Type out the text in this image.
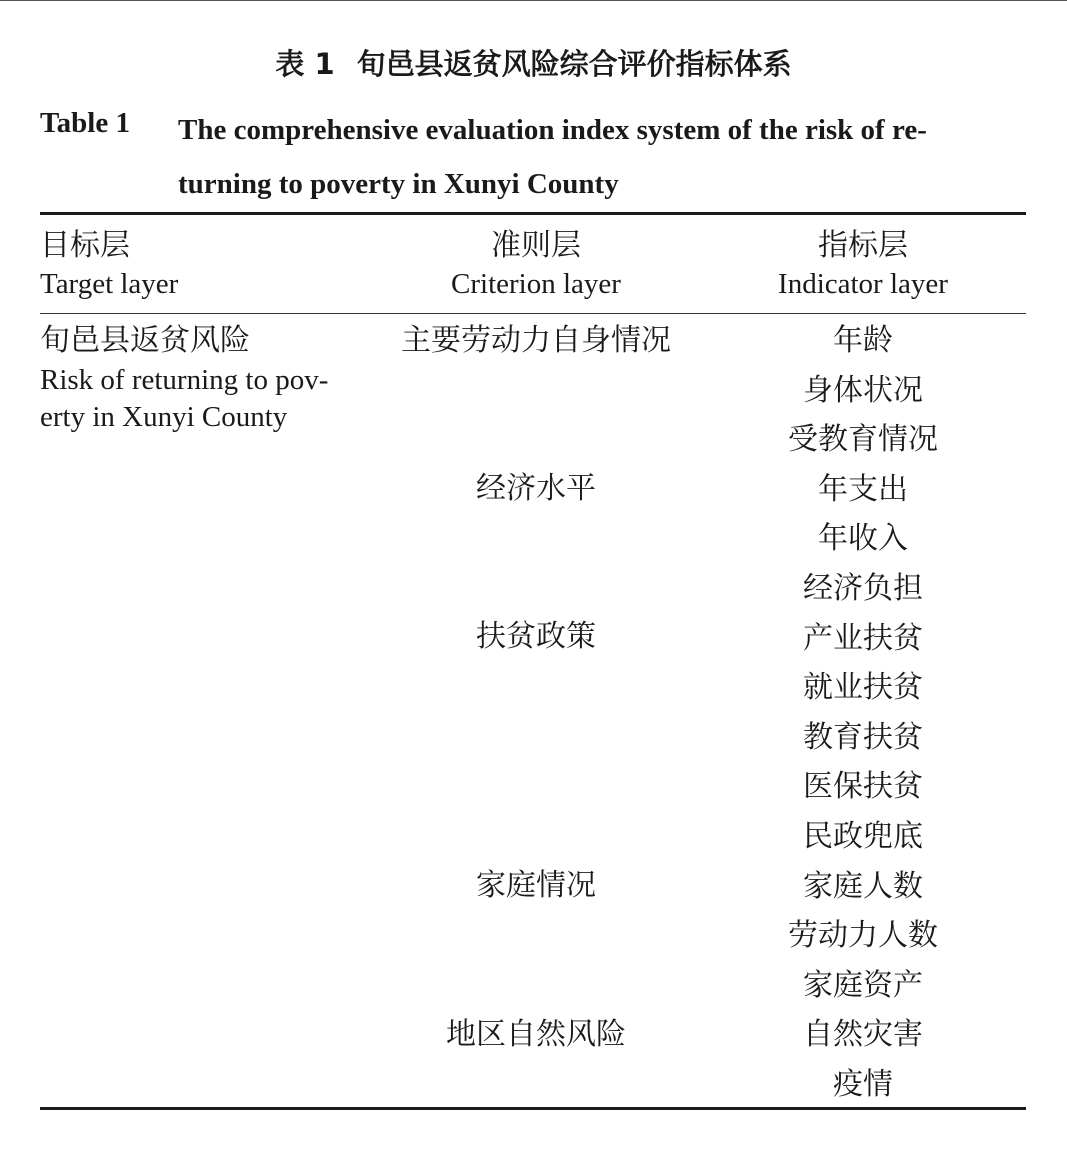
表 1 旬邑县返贫风险综合评价指标体系
Table 1 The comprehensive evaluation index system of the risk of re-
turning to poverty in Xunyi County
目标层
Target layer
准则层
Criterion layer
指标层
Indicator layer
旬邑县返贫风险
Risk of returning to pov-
erty in Xunyi County
主要劳动力自身情况
经济水平
扶贫政策
家庭情况
地区自然风险
年龄
身体状况
受教育情况
年支出
年收入
经济负担
产业扶贫
就业扶贫
教育扶贫
医保扶贫
民政兜底
家庭人数
劳动力人数
家庭资产
自然灾害
疫情
